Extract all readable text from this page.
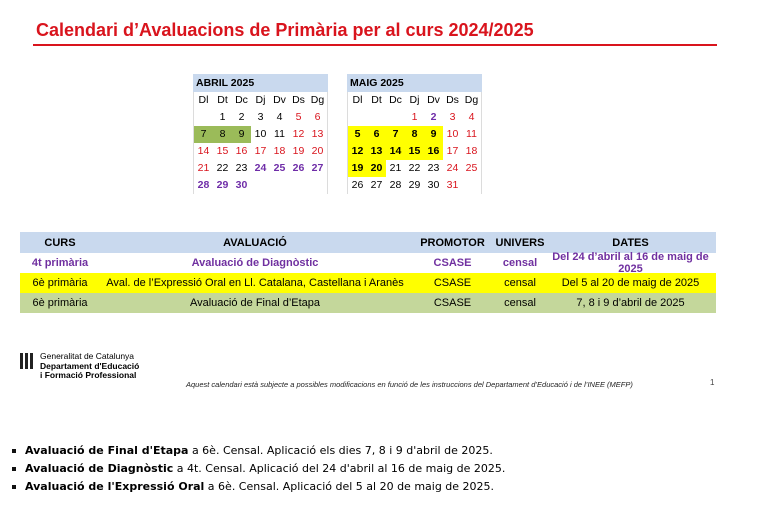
Calendari d’Avaluacions de Primària per al curs 2024/2025
ABRIL 2025
Dl	Dt	Dc	Dj	Dv	Ds	Dg
	1	2	3	4	5	6
7	8	9	10	11	12	13
14	15	16	17	18	19	20
21	22	23	24	25	26	27
28	29	30				
MAIG 2025
Dl	Dt	Dc	Dj	Dv	Ds	Dg
			1	2	3	4
5	6	7	8	9	10	11
12	13	14	15	16	17	18
19	20	21	22	23	24	25
26	27	28	29	30	31	
CURS	AVALUACIÓ	PROMOTOR UNIVERS	DATES
4t primària	Avaluació de Diagnòstic	CSASE	censal	Del 24 d’abril al 16 de maig de 2025
6è primària	Aval. de l’Expressió Oral en Ll. Catalana, Castellana i Aranès	CSASE	censal	Del 5 al 20 de maig de 2025
6è primària	Avaluació de Final d’Etapa	CSASE	censal	7, 8 i 9 d’abril de 2025
Generalitat de Catalunya
Departament d'Educació
i Formació Professional
Aquest calendari està subjecte a possibles modificacions en funció de les instruccions del Departament d’Educació i de l’INEE (MEFP)	1
Avaluació de Final d'Etapa a 6è. Censal. Aplicació els dies 7, 8 i 9 d'abril de 2025.
Avaluació de Diagnòstic a 4t. Censal. Aplicació del 24 d'abril al 16 de maig de 2025.
Avaluació de l'Expressió Oral a 6è. Censal. Aplicació del 5 al 20 de maig de 2025.
